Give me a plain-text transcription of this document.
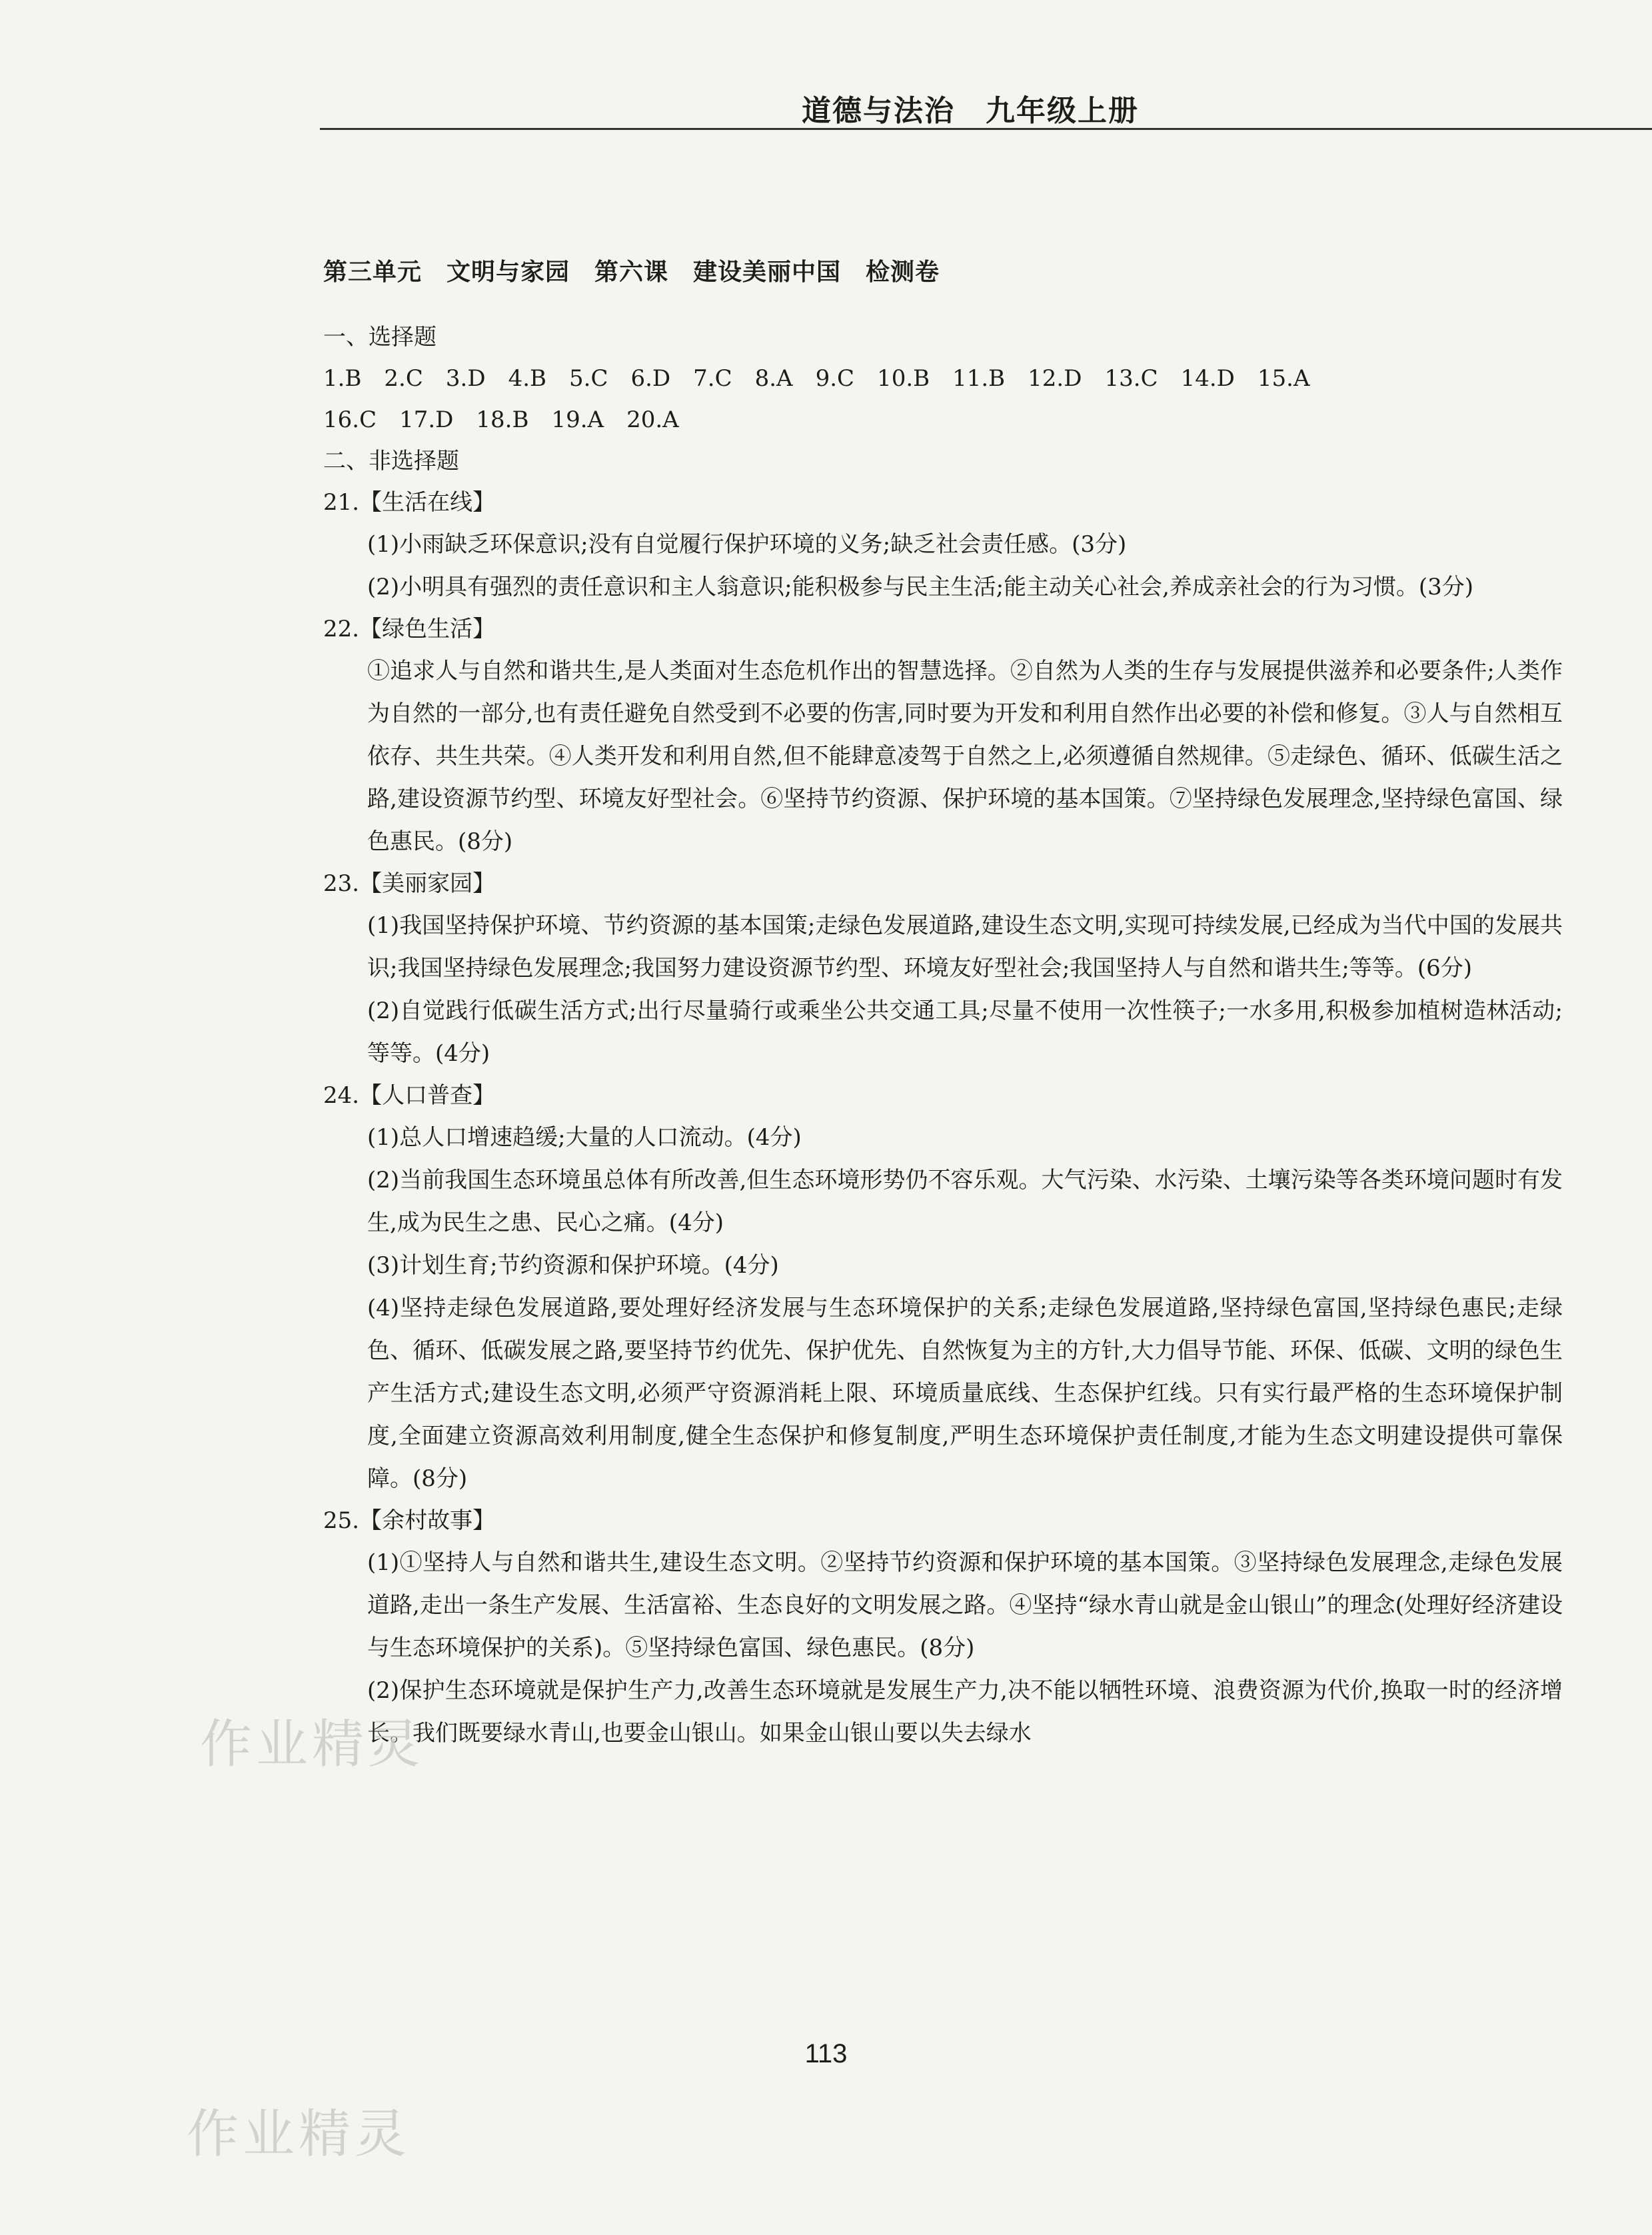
道德与法治　九年级上册
第三单元　文明与家园　第六课　建设美丽中国　检测卷
一、选择题
1.B　2.C　3.D　4.B　5.C　6.D　7.C　8.A　9.C　10.B　11.B　12.D　13.C　14.D　15.A
16.C　17.D　18.B　19.A　20.A
二、非选择题
21.【生活在线】

(1)小雨缺乏环保意识;没有自觉履行保护环境的义务;缺乏社会责任感。(3分)

(2)小明具有强烈的责任意识和主人翁意识;能积极参与民主生活;能主动关心社会,养成亲社会的行为习惯。(3分)

22.【绿色生活】

①追求人与自然和谐共生,是人类面对生态危机作出的智慧选择。②自然为人类的生存与发展提供滋养和必要条件;人类作为自然的一部分,也有责任避免自然受到不必要的伤害,同时要为开发和利用自然作出必要的补偿和修复。③人与自然相互依存、共生共荣。④人类开发和利用自然,但不能肆意凌驾于自然之上,必须遵循自然规律。⑤走绿色、循环、低碳生活之路,建设资源节约型、环境友好型社会。⑥坚持节约资源、保护环境的基本国策。⑦坚持绿色发展理念,坚持绿色富国、绿色惠民。(8分)

23.【美丽家园】

(1)我国坚持保护环境、节约资源的基本国策;走绿色发展道路,建设生态文明,实现可持续发展,已经成为当代中国的发展共识;我国坚持绿色发展理念;我国努力建设资源节约型、环境友好型社会;我国坚持人与自然和谐共生;等等。(6分)

(2)自觉践行低碳生活方式;出行尽量骑行或乘坐公共交通工具;尽量不使用一次性筷子;一水多用,积极参加植树造林活动;等等。(4分)

24.【人口普查】

(1)总人口增速趋缓;大量的人口流动。(4分)

(2)当前我国生态环境虽总体有所改善,但生态环境形势仍不容乐观。大气污染、水污染、土壤污染等各类环境问题时有发生,成为民生之患、民心之痛。(4分)

(3)计划生育;节约资源和保护环境。(4分)

(4)坚持走绿色发展道路,要处理好经济发展与生态环境保护的关系;走绿色发展道路,坚持绿色富国,坚持绿色惠民;走绿色、循环、低碳发展之路,要坚持节约优先、保护优先、自然恢复为主的方针,大力倡导节能、环保、低碳、文明的绿色生产生活方式;建设生态文明,必须严守资源消耗上限、环境质量底线、生态保护红线。只有实行最严格的生态环境保护制度,全面建立资源高效利用制度,健全生态保护和修复制度,严明生态环境保护责任制度,才能为生态文明建设提供可靠保障。(8分)

25.【余村故事】

(1)①坚持人与自然和谐共生,建设生态文明。②坚持节约资源和保护环境的基本国策。③坚持绿色发展理念,走绿色发展道路,走出一条生产发展、生活富裕、生态良好的文明发展之路。④坚持“绿水青山就是金山银山”的理念(处理好经济建设与生态环境保护的关系)。⑤坚持绿色富国、绿色惠民。(8分)

(2)保护生态环境就是保护生产力,改善生态环境就是发展生产力,决不能以牺牲环境、浪费资源为代价,换取一时的经济增长。我们既要绿水青山,也要金山银山。如果金山银山要以失去绿水

113
作业精灵
作业精灵
